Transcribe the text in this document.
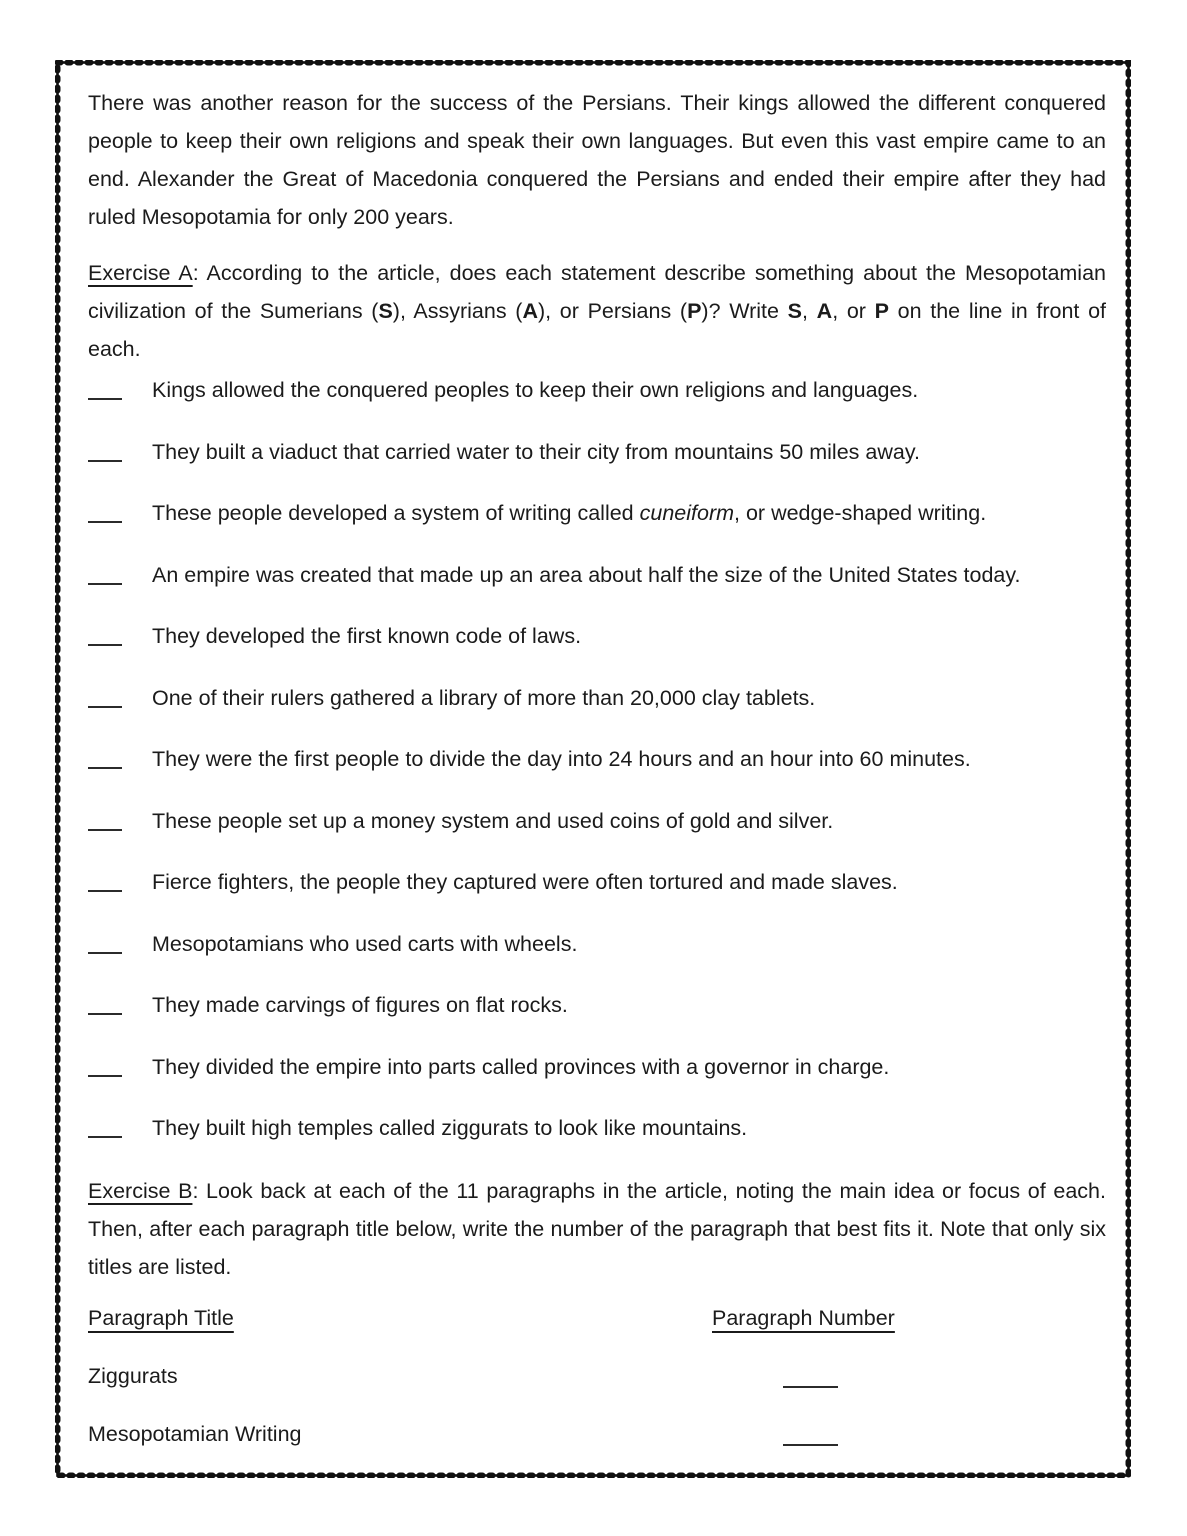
There was another reason for the success of the Persians. Their kings allowed the different conquered people to keep their own religions and speak their own languages. But even this vast empire came to an end. Alexander the Great of Macedonia conquered the Persians and ended their empire after they had ruled Mesopotamia for only 200 years.

Exercise A: According to the article, does each statement describe something about the Mesopotamian civilization of the Sumerians (S), Assyrians (A), or Persians (P)? Write S, A, or P on the line in front of each.

Kings allowed the conquered peoples to keep their own religions and languages.
They built a viaduct that carried water to their city from mountains 50 miles away.
These people developed a system of writing called cuneiform, or wedge-shaped writing.
An empire was created that made up an area about half the size of the United States today.
They developed the first known code of laws.
One of their rulers gathered a library of more than 20,000 clay tablets.
They were the first people to divide the day into 24 hours and an hour into 60 minutes.
These people set up a money system and used coins of gold and silver.
Fierce fighters, the people they captured were often tortured and made slaves.
Mesopotamians who used carts with wheels.
They made carvings of figures on flat rocks.
They divided the empire into parts called provinces with a governor in charge.
They built high temples called ziggurats to look like mountains.

Exercise B: Look back at each of the 11 paragraphs in the article, noting the main idea or focus of each. Then, after each paragraph title below, write the number of the paragraph that best fits it. Note that only six titles are listed.

Paragraph Title	Paragraph Number
Ziggurats
Mesopotamian Writing
